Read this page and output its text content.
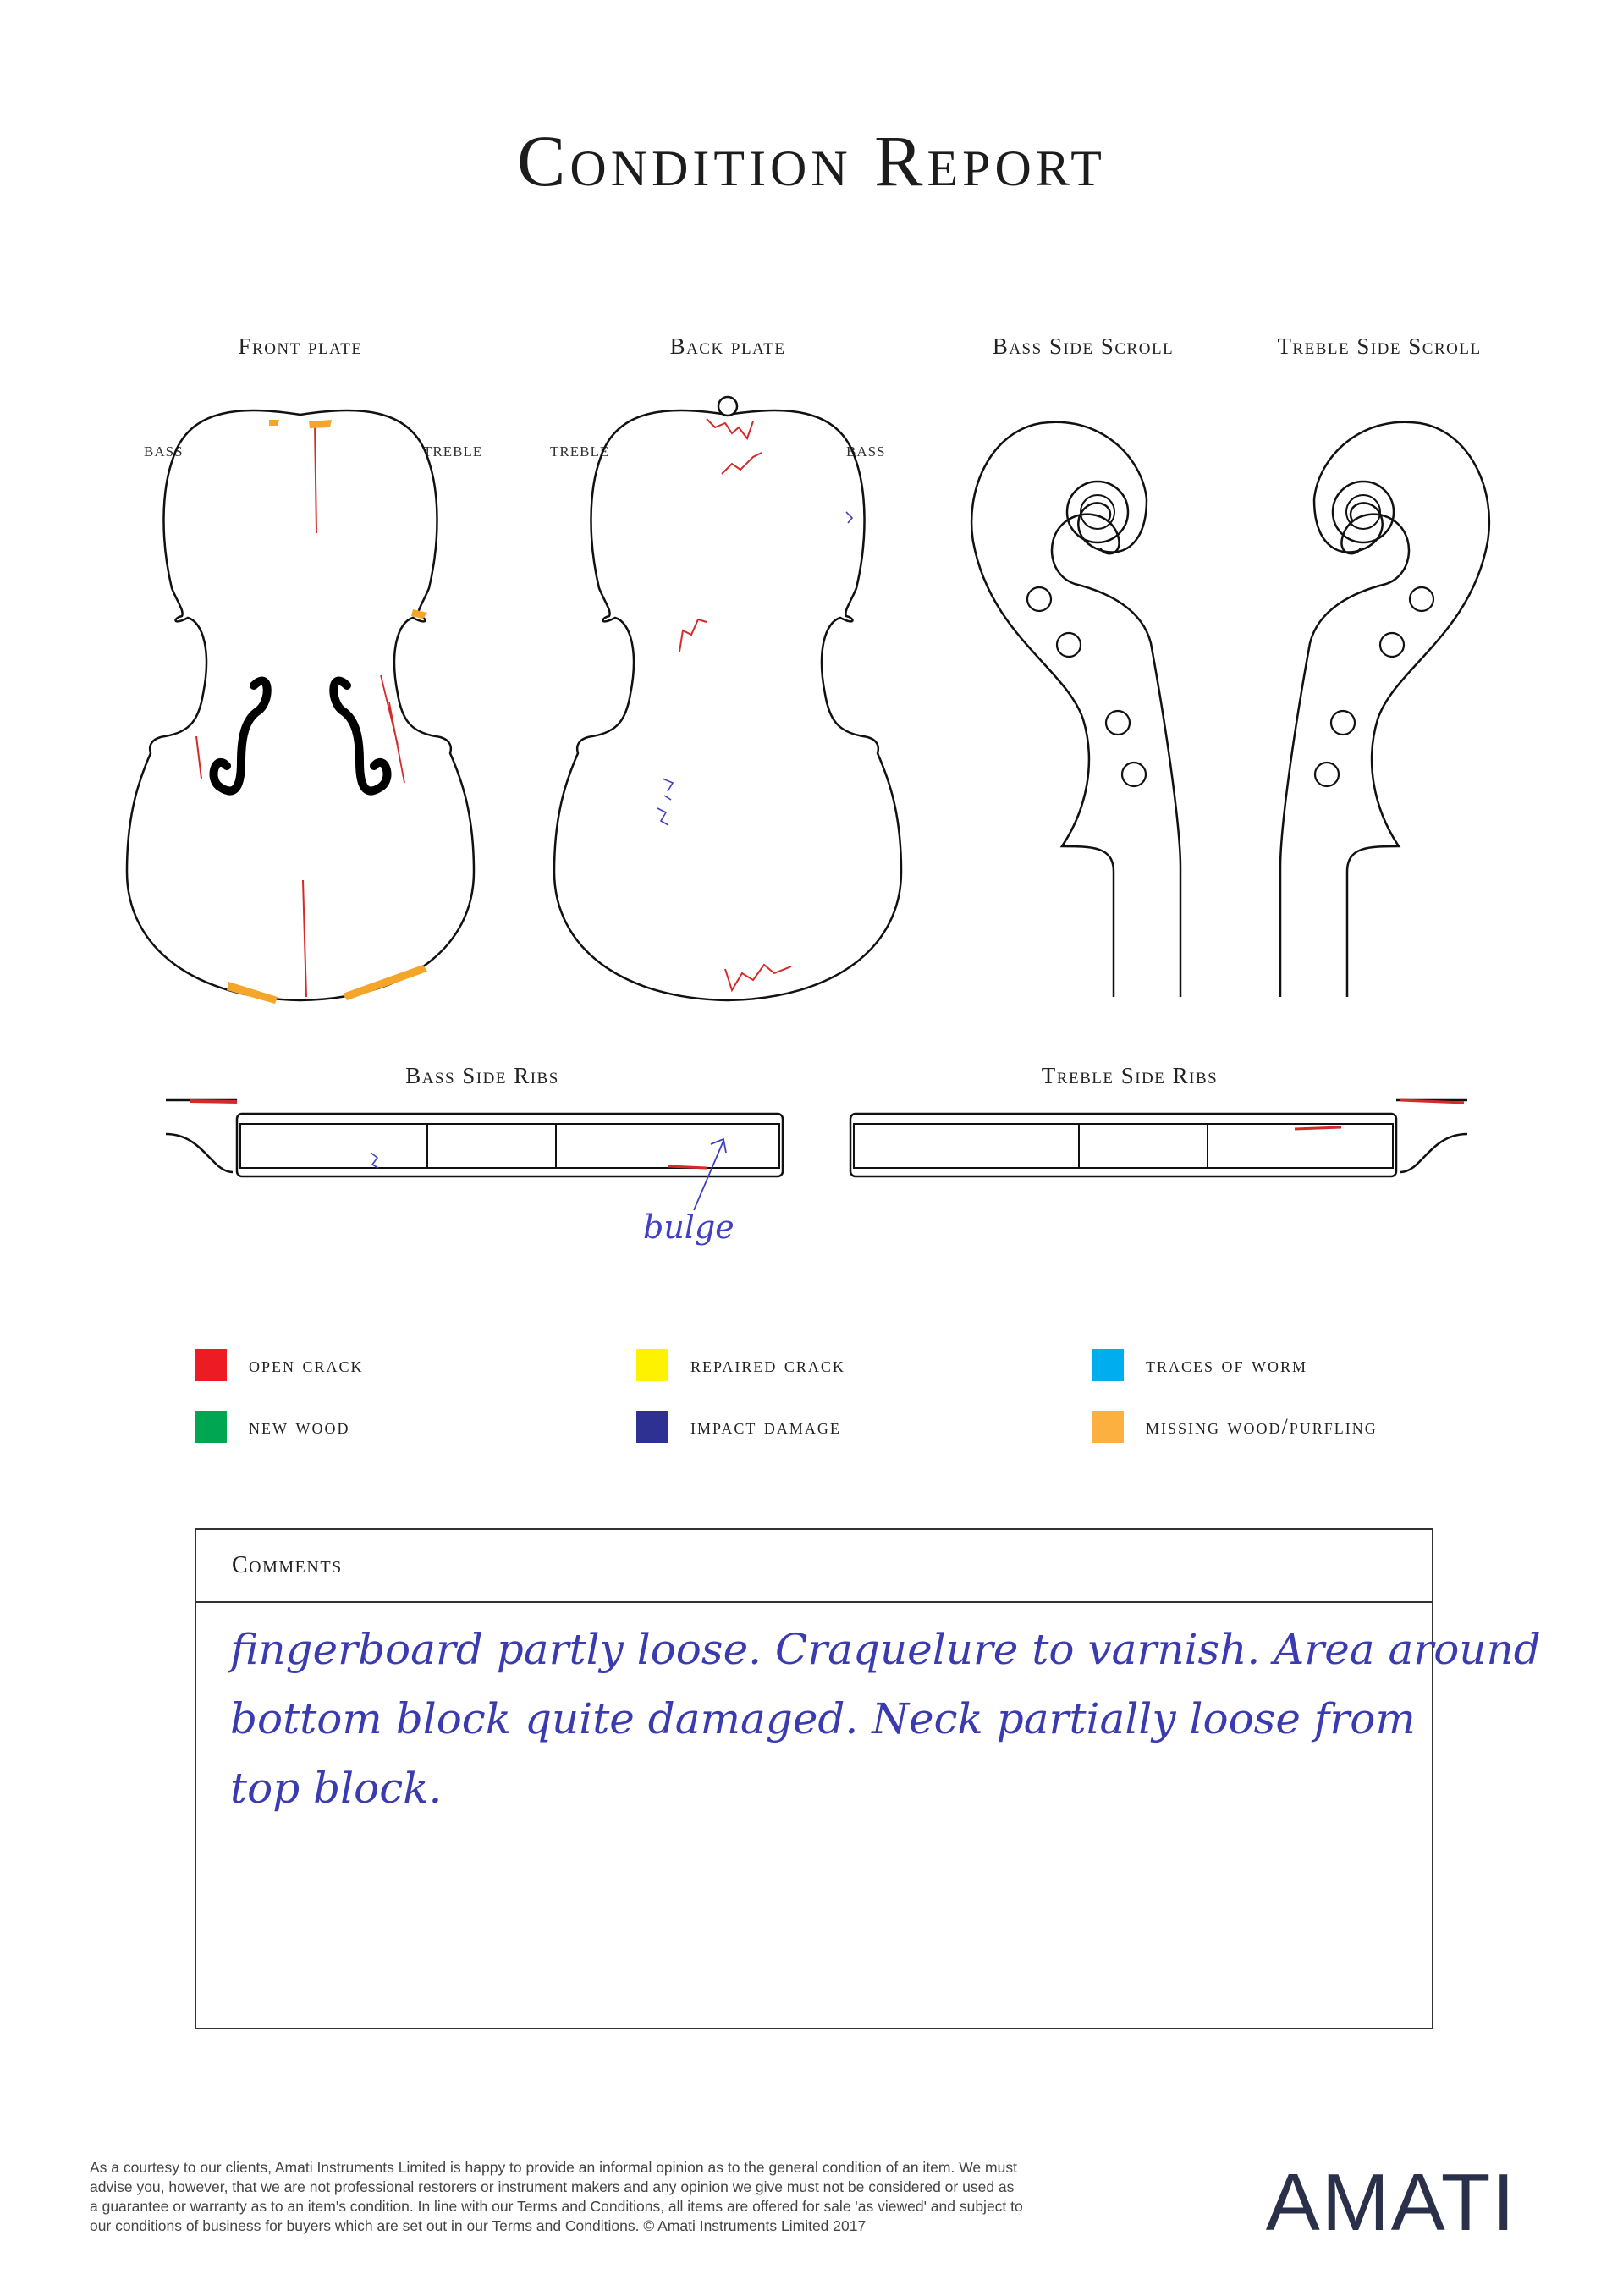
Condition Report
Front plate	Back plate	Bass Side Scroll	Treble Side Scroll
BASS	TREBLE	TREBLE	BASS
Bass Side Ribs	Treble Side Ribs
bulge
open crack	repaired crack	traces of worm
new wood	impact damage	missing wood/purfling
Comments
fingerboard partly loose. Craquelure to varnish. Area around
bottom block quite damaged. Neck partially loose from
top block.
As a courtesy to our clients, Amati Instruments Limited is happy to provide an informal opinion as to the general condition of an item. We must
advise you, however, that we are not professional restorers or instrument makers and any opinion we give must not be considered or used as
a guarantee or warranty as to an item's condition. In line with our Terms and Conditions, all items are offered for sale 'as viewed' and subject to
our conditions of business for buyers which are set out in our Terms and Conditions. © Amati Instruments Limited 2017	AMATI
